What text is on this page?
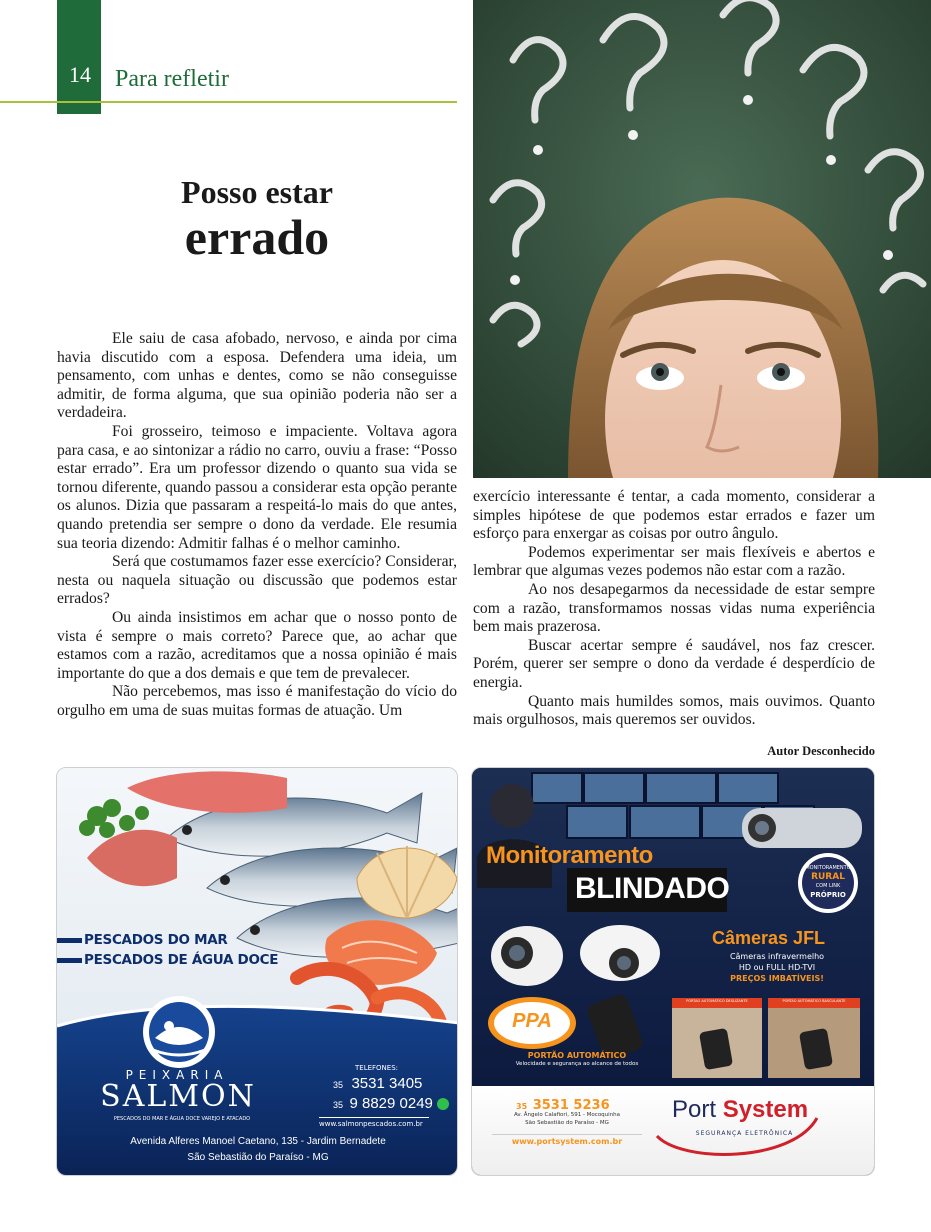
14	Para refletir
Posso estar
errado

Ele saiu de casa afobado, nervoso, e ainda por cima havia discutido com a esposa. Defendera uma ideia, um pensamento, com unhas e dentes, como se não conseguisse admitir, de forma alguma, que sua opinião poderia não ser a verdadeira.

Foi grosseiro, teimoso e impaciente. Voltava agora para casa, e ao sintonizar a rádio no carro, ouviu a frase: “Posso estar errado”. Era um professor dizendo o quanto sua vida se tornou diferente, quando passou a considerar esta opção perante os alunos. Dizia que passaram a respeitá-lo mais do que antes, quando pretendia ser sempre o dono da verdade. Ele resumia sua teoria dizendo: Admitir falhas é o melhor caminho.

Será que costumamos fazer esse exercício? Considerar, nesta ou naquela situação ou discussão que podemos estar errados?

Ou ainda insistimos em achar que o nosso ponto de vista é sempre o mais correto? Parece que, ao achar que estamos com a razão, acreditamos que a nossa opinião é mais importante do que a dos demais e que tem de prevalecer.

Não percebemos, mas isso é manifestação do vício do orgulho em uma de suas muitas formas de atuação. Um

exercício interessante é tentar, a cada momento, considerar a simples hipótese de que podemos estar errados e fazer um esforço para enxergar as coisas por outro ângulo.

Podemos experimentar ser mais flexíveis e abertos e lembrar que algumas vezes podemos não estar com a razão.

Ao nos desapegarmos da necessidade de estar sempre com a razão, transformamos nossas vidas numa experiência bem mais prazerosa.

Buscar acertar sempre é saudável, nos faz crescer. Porém, querer ser sempre o dono da verdade é desperdício de energia.

Quanto mais humildes somos, mais ouvimos. Quanto mais orgulhosos, mais queremos ser ouvidos.

Autor Desconhecido
PESCADOS DO MAR
PESCADOS DE ÁGUA DOCE
PEIXARIA
SALMON
PESCADOS DO MAR E ÁGUA DOCE VAREJO E ATACADO
TELEFONES:
35 3531 3405
35 9 8829 0249
www.salmonpescados.com.br
Avenida Alferes Manoel Caetano, 135 - Jardim Bernadete
São Sebastião do Paraíso - MG
Monitoramento
BLINDADO
MONITORAMENTO
RURAL
COM LINK
PRÓPRIO
Câmeras JFL
Câmeras infravermelho
HD ou FULL HD-TVI
PREÇOS IMBATÍVEIS!
PPA
PORTÃO AUTOMÁTICO DESLIZANTE	PORTÃO AUTOMÁTICO BASCULANTE
PORTÃO AUTOMÁTICO
Velocidade e segurança ao alcance de todos
35 3531 5236
Av. Ângelo Calafiori, 591 - Mocoquinha
São Sebastião do Paraíso - MG
www.portsystem.com.br
Port System
SEGURANÇA ELETRÔNICA
